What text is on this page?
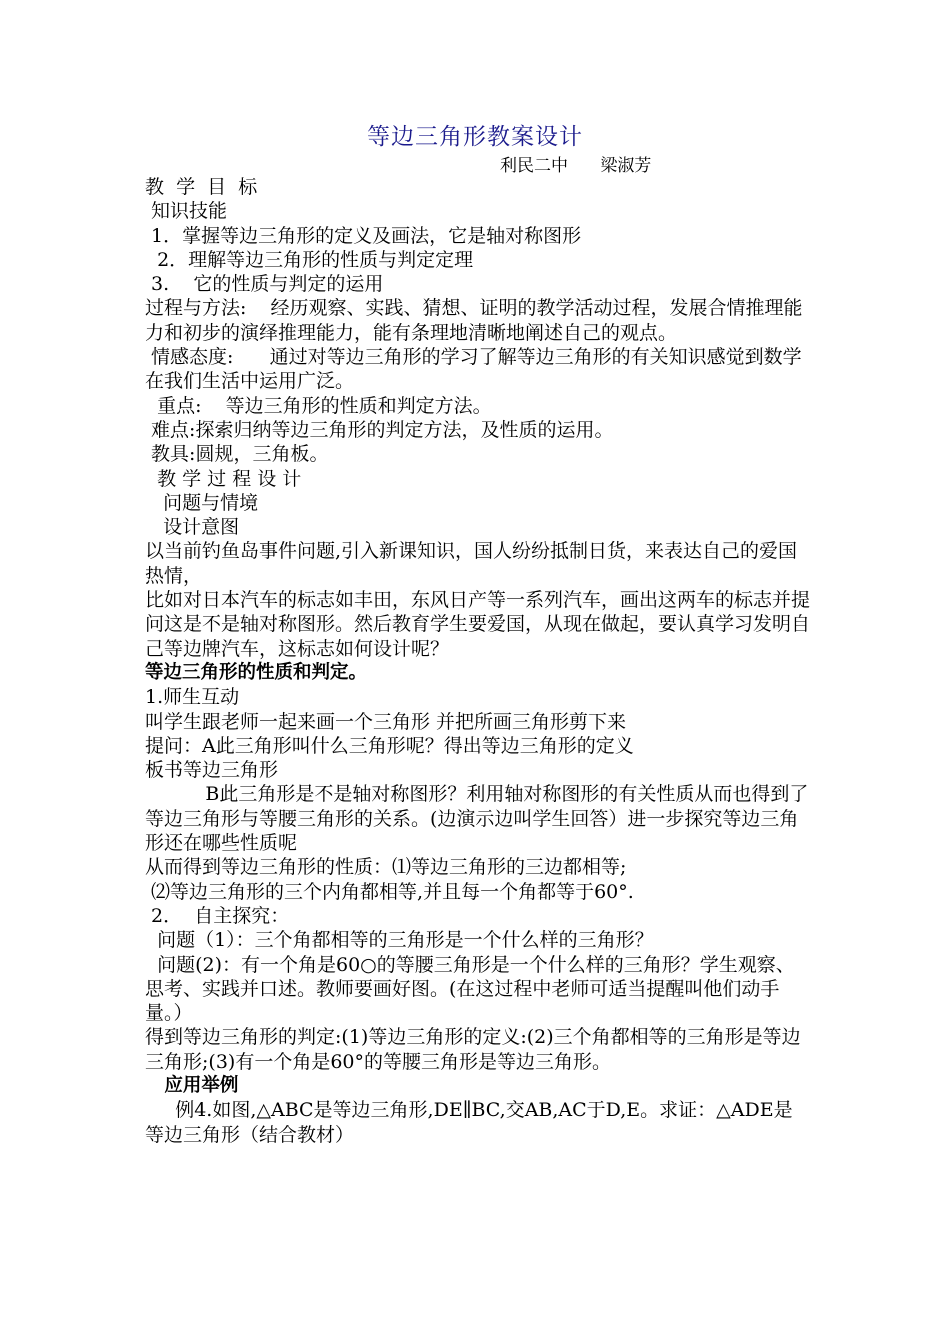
等边三角形教案设计
利民二中      梁淑芳

教  学  目  标

知识技能

1．掌握等边三角形的定义及画法，它是轴对称图形

2．理解等边三角形的性质与判定定理

3.    它的性质与判定的运用

过程与方法:    经历观察、实践、猜想、证明的教学活动过程，发展合情推理能力和初步的演绎推理能力，能有条理地清晰地阐述自己的观点。

情感态度:      通过对等边三角形的学习了解等边三角形的有关知识感觉到数学在我们生活中运用广泛。

重点:    等边三角形的性质和判定方法。

难点:探索归纳等边三角形的判定方法，及性质的运用。

教具:圆规，三角板。

教 学 过 程 设 计

问题与情境

设计意图

以当前钓鱼岛事件问题,引入新课知识，国人纷纷抵制日货，来表达自己的爱国热情，

比如对日本汽车的标志如丰田，东风日产等一系列汽车，画出这两车的标志并提问这是不是轴对称图形。然后教育学生要爱国，从现在做起，要认真学习发明自己等边牌汽车，这标志如何设计呢？

等边三角形的性质和判定。

1.师生互动

叫学生跟老师一起来画一个三角形 并把所画三角形剪下来

提问：A此三角形叫什么三角形呢？得出等边三角形的定义

板书等边三角形

B此三角形是不是轴对称图形？利用轴对称图形的有关性质从而也得到了等边三角形与等腰三角形的关系。(边演示边叫学生回答）进一步探究等边三角形还在哪些性质呢

从而得到等边三角形的性质：⑴等边三角形的三边都相等;

⑵等边三角形的三个内角都相等,并且每一个角都等于60°.

2．  自主探究：

问题（1）：三个角都相等的三角形是一个什么样的三角形？

问题(2)：有一个角是60○的等腰三角形是一个什么样的三角形？学生观察、思考、实践并口述。教师要画好图。(在这过程中老师可适当提醒叫他们动手量。）

得到等边三角形的判定:(1)等边三角形的定义:(2)三个角都相等的三角形是等边三角形;(3)有一个角是60°的等腰三角形是等边三角形。

应用举例

例4.如图,△ABC是等边三角形,DE∥BC,交AB,AC于D,E。求证：△ADE是等边三角形（结合教材）
